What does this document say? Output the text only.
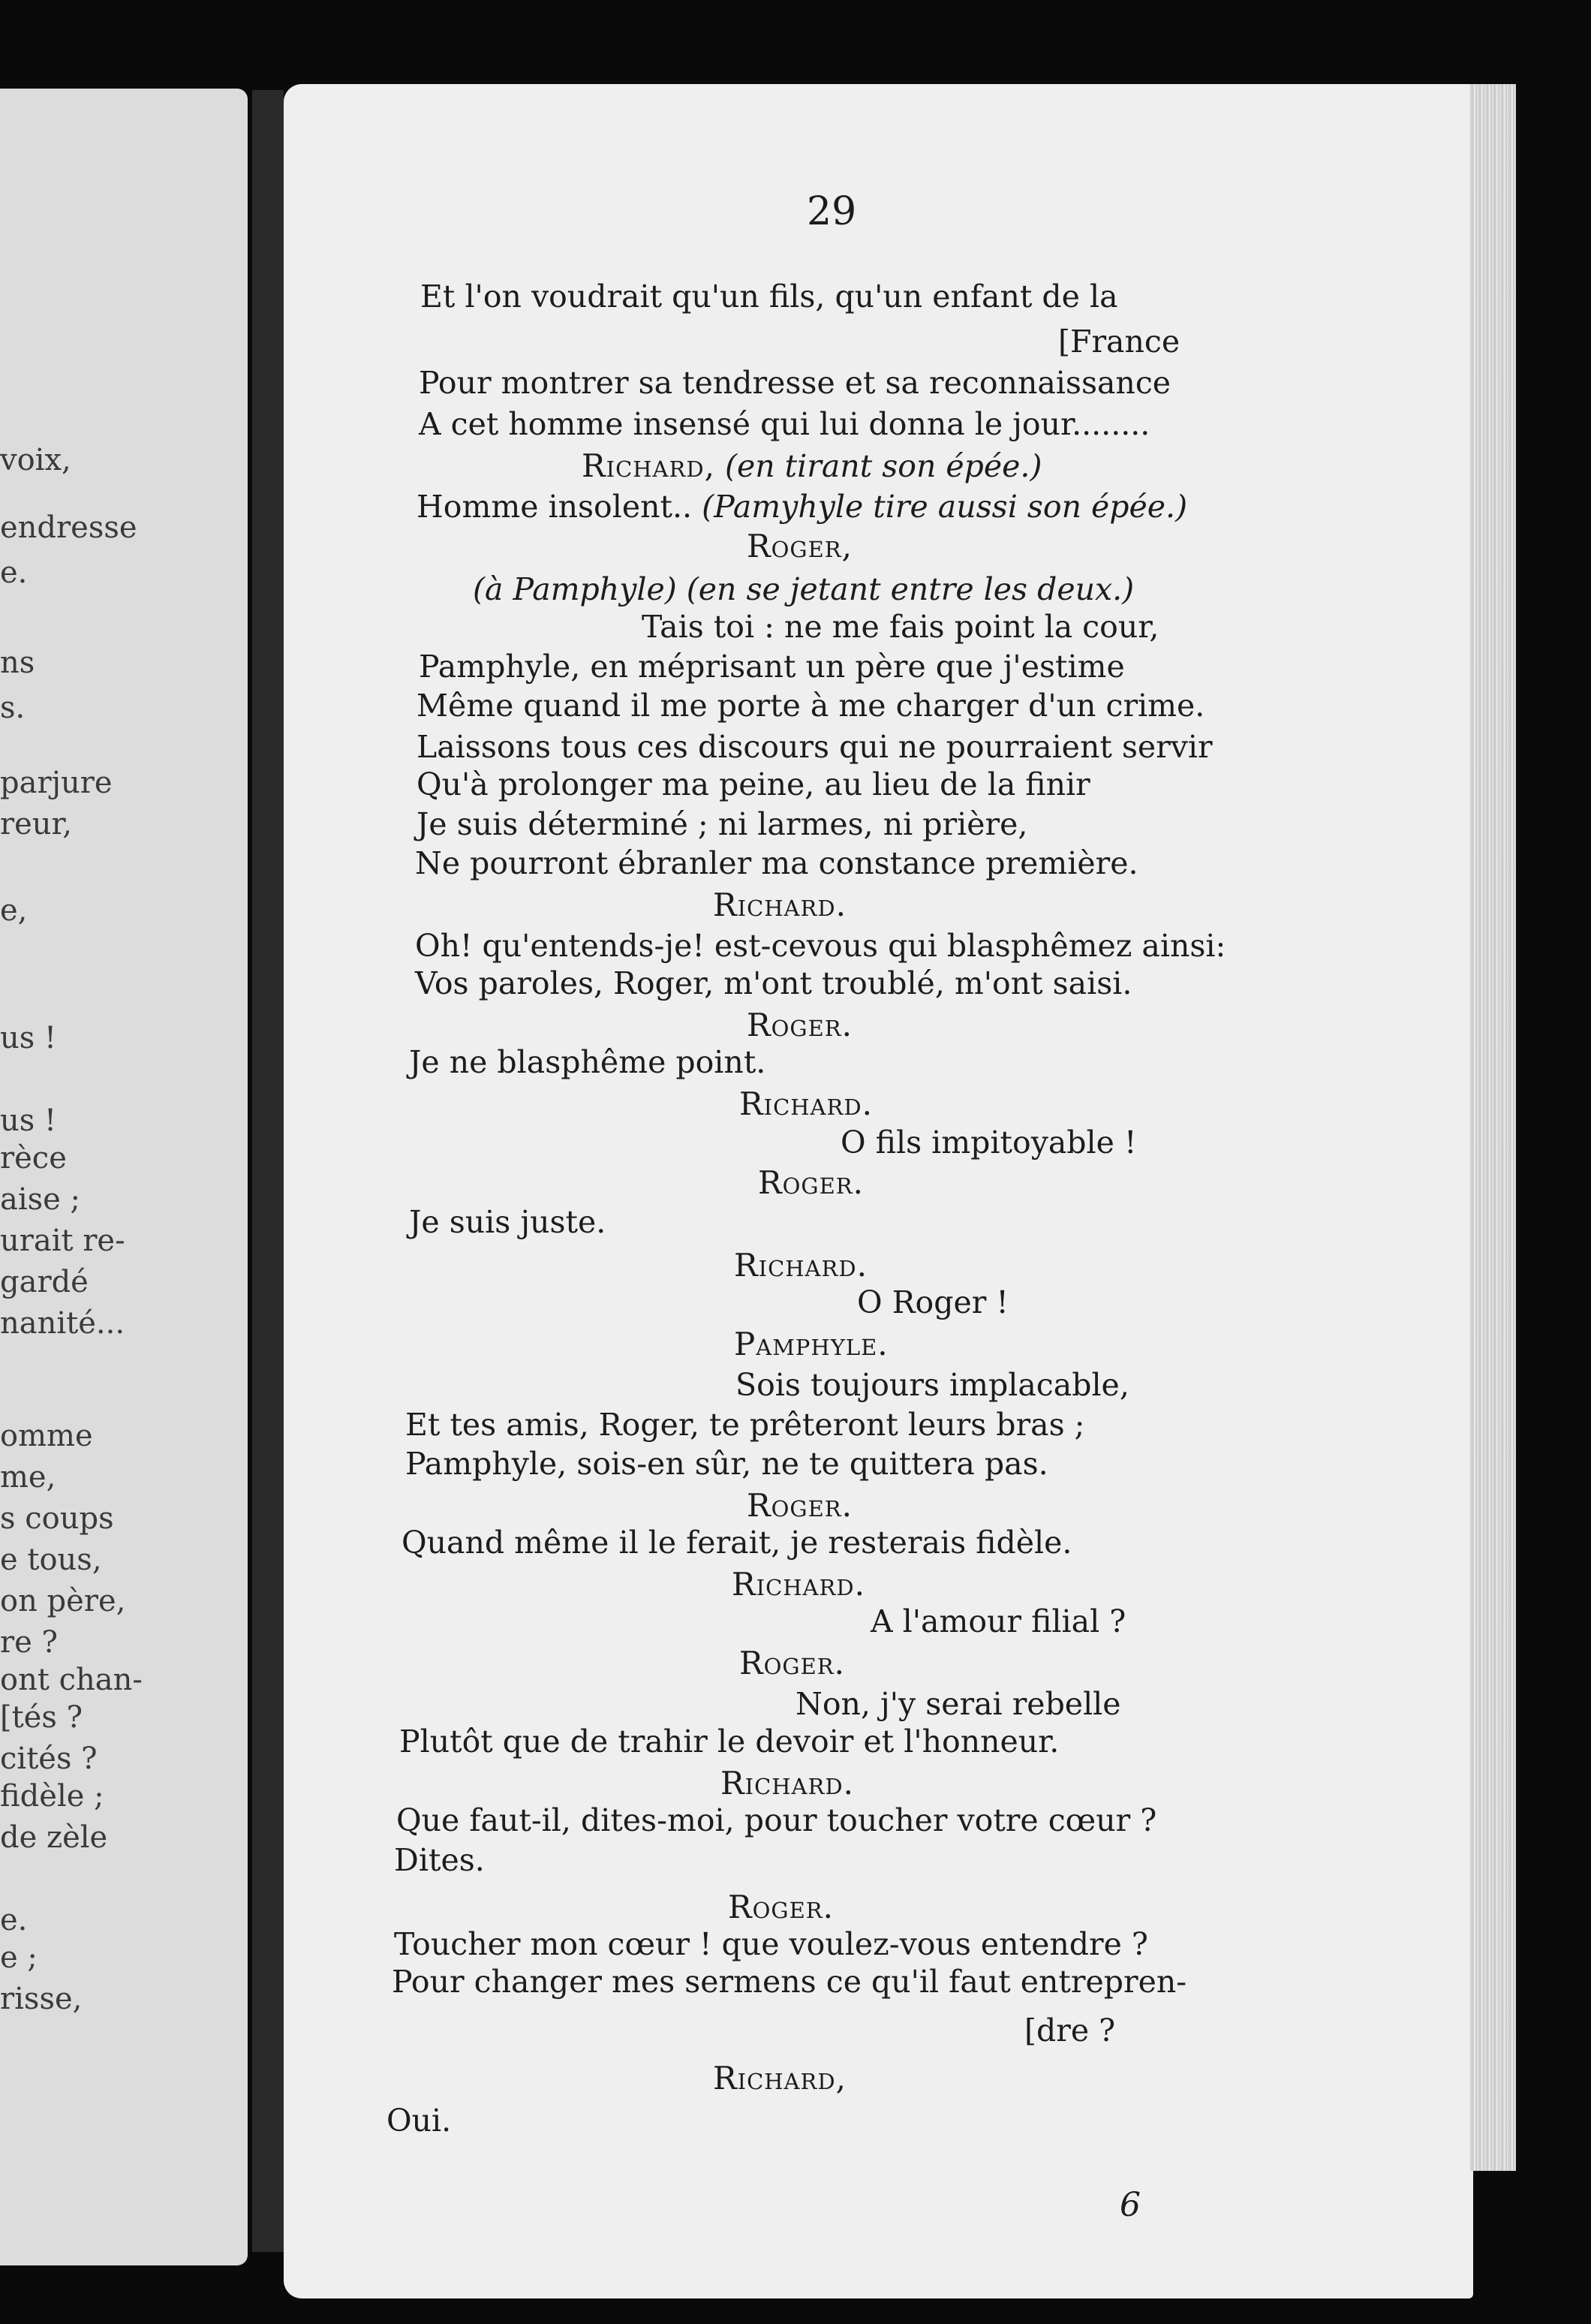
voix,
endresse
e.
ns
s.
parjure
reur,
e,
us !
us !
rèce
aise ;
urait re-
gardé
nanité...
omme
me,
s coups
e tous,
on père,
re ?
ont chan-
[tés ?
cités ?
fidèle ;
de zèle
e.
e ;
risse,
29
Et l'on voudrait qu'un fils, qu'un enfant de la
[France
Pour montrer sa tendresse et sa reconnaissance
A cet homme insensé qui lui donna le jour........
Richard, (en tirant son épée.)
Homme insolent.. (Pamyhyle tire aussi son épée.)
Roger,
(à Pamphyle) (en se jetant entre les deux.)
Tais toi : ne me fais point la cour,
Pamphyle, en méprisant un père que j'estime
Même quand il me porte à me charger d'un crime.
Laissons tous ces discours qui ne pourraient servir
Qu'à prolonger ma peine, au lieu de la finir
Je suis déterminé ; ni larmes, ni prière,
Ne pourront ébranler ma constance première.
Richard.
Oh! qu'entends-je! est-cevous qui blasphêmez ainsi:
Vos paroles, Roger, m'ont troublé, m'ont saisi.
Roger.
Je ne blasphême point.
Richard.
O fils impitoyable !
Roger.
Je suis juste.
Richard.
O Roger !
Pamphyle.
Sois toujours implacable,
Et tes amis, Roger, te prêteront leurs bras ;
Pamphyle, sois-en sûr, ne te quittera pas.
Roger.
Quand même il le ferait, je resterais fidèle.
Richard.
A l'amour filial ?
Roger.
Non, j'y serai rebelle
Plutôt que de trahir le devoir et l'honneur.
Richard.
Que faut-il, dites-moi, pour toucher votre cœur ?
Dites.
Roger.
Toucher mon cœur ! que voulez-vous entendre ?
Pour changer mes sermens ce qu'il faut entrepren-
[dre ?
Richard,
Oui.
6
